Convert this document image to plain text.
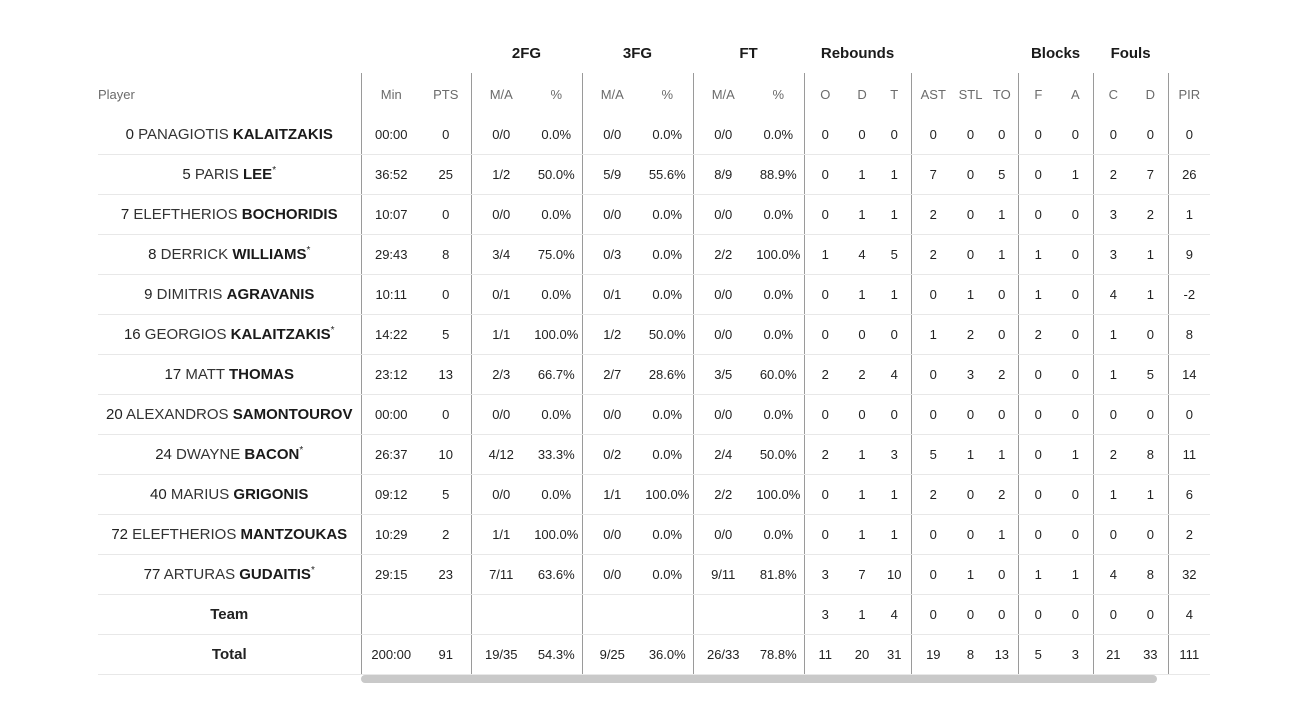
			2FG		3FG		FT		Rebounds						Blocks		Fouls		
Player	Min	PTS	M/A	%	M/A	%	M/A	%	O	D	T	AST	STL	TO	F	A	C	D	PIR
0 PANAGIOTIS KALAITZAKIS	00:00	0	0/0	0.0%	0/0	0.0%	0/0	0.0%	0	0	0	0	0	0	0	0	0	0	0
5 PARIS LEE*	36:52	25	1/2	50.0%	5/9	55.6%	8/9	88.9%	0	1	1	7	0	5	0	1	2	7	26
7 ELEFTHERIOS BOCHORIDIS	10:07	0	0/0	0.0%	0/0	0.0%	0/0	0.0%	0	1	1	2	0	1	0	0	3	2	1
8 DERRICK WILLIAMS*	29:43	8	3/4	75.0%	0/3	0.0%	2/2	100.0%	1	4	5	2	0	1	1	0	3	1	9
9 DIMITRIS AGRAVANIS	10:11	0	0/1	0.0%	0/1	0.0%	0/0	0.0%	0	1	1	0	1	0	1	0	4	1	-2
16 GEORGIOS KALAITZAKIS*	14:22	5	1/1	100.0%	1/2	50.0%	0/0	0.0%	0	0	0	1	2	0	2	0	1	0	8
17 MATT THOMAS	23:12	13	2/3	66.7%	2/7	28.6%	3/5	60.0%	2	2	4	0	3	2	0	0	1	5	14
20 ALEXANDROS SAMONTOUROV	00:00	0	0/0	0.0%	0/0	0.0%	0/0	0.0%	0	0	0	0	0	0	0	0	0	0	0
24 DWAYNE BACON*	26:37	10	4/12	33.3%	0/2	0.0%	2/4	50.0%	2	1	3	5	1	1	0	1	2	8	11
40 MARIUS GRIGONIS	09:12	5	0/0	0.0%	1/1	100.0%	2/2	100.0%	0	1	1	2	0	2	0	0	1	1	6
72 ELEFTHERIOS MANTZOUKAS	10:29	2	1/1	100.0%	0/0	0.0%	0/0	0.0%	0	1	1	0	0	1	0	0	0	0	2
77 ARTURAS GUDAITIS*	29:15	23	7/11	63.6%	0/0	0.0%	9/11	81.8%	3	7	10	0	1	0	1	1	4	8	32
Team									3	1	4	0	0	0	0	0	0	0	4
Total	200:00	91	19/35	54.3%	9/25	36.0%	26/33	78.8%	11	20	31	19	8	13	5	3	21	33	111
